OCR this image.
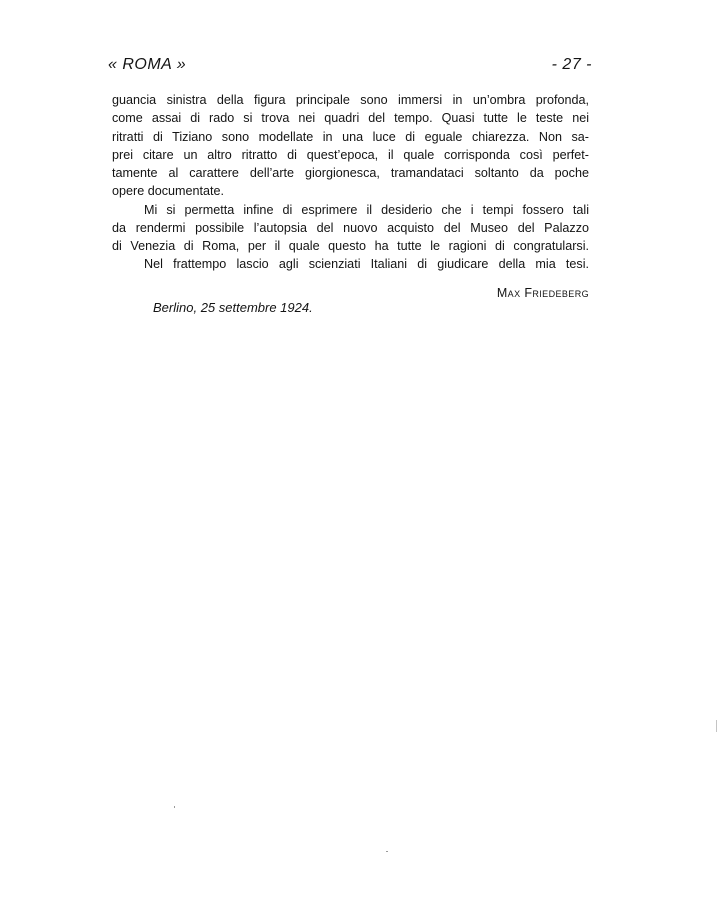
« ROMA »	- 27 -
guancia sinistra della figura principale sono immersi in un’ombra profonda,
come assai di rado si trova nei quadri del tempo. Quasi tutte le teste nei
ritratti di Tiziano sono modellate in una luce di eguale chiarezza. Non sa-
prei citare un altro ritratto di quest’epoca, il quale corrisponda così perfet-
tamente al carattere dell’arte giorgionesca, tramandataci soltanto da poche
opere documentate.
Mi si permetta infine di esprimere il desiderio che i tempi fossero tali
da rendermi possibile l’autopsia del nuovo acquisto del Museo del Palazzo
di Venezia di Roma, per il quale questo ha tutte le ragioni di congratularsi.
Nel frattempo lascio agli scienziati Italiani di giudicare della mia tesi.
Max Friedeberg
Berlino, 25 settembre 1924.
